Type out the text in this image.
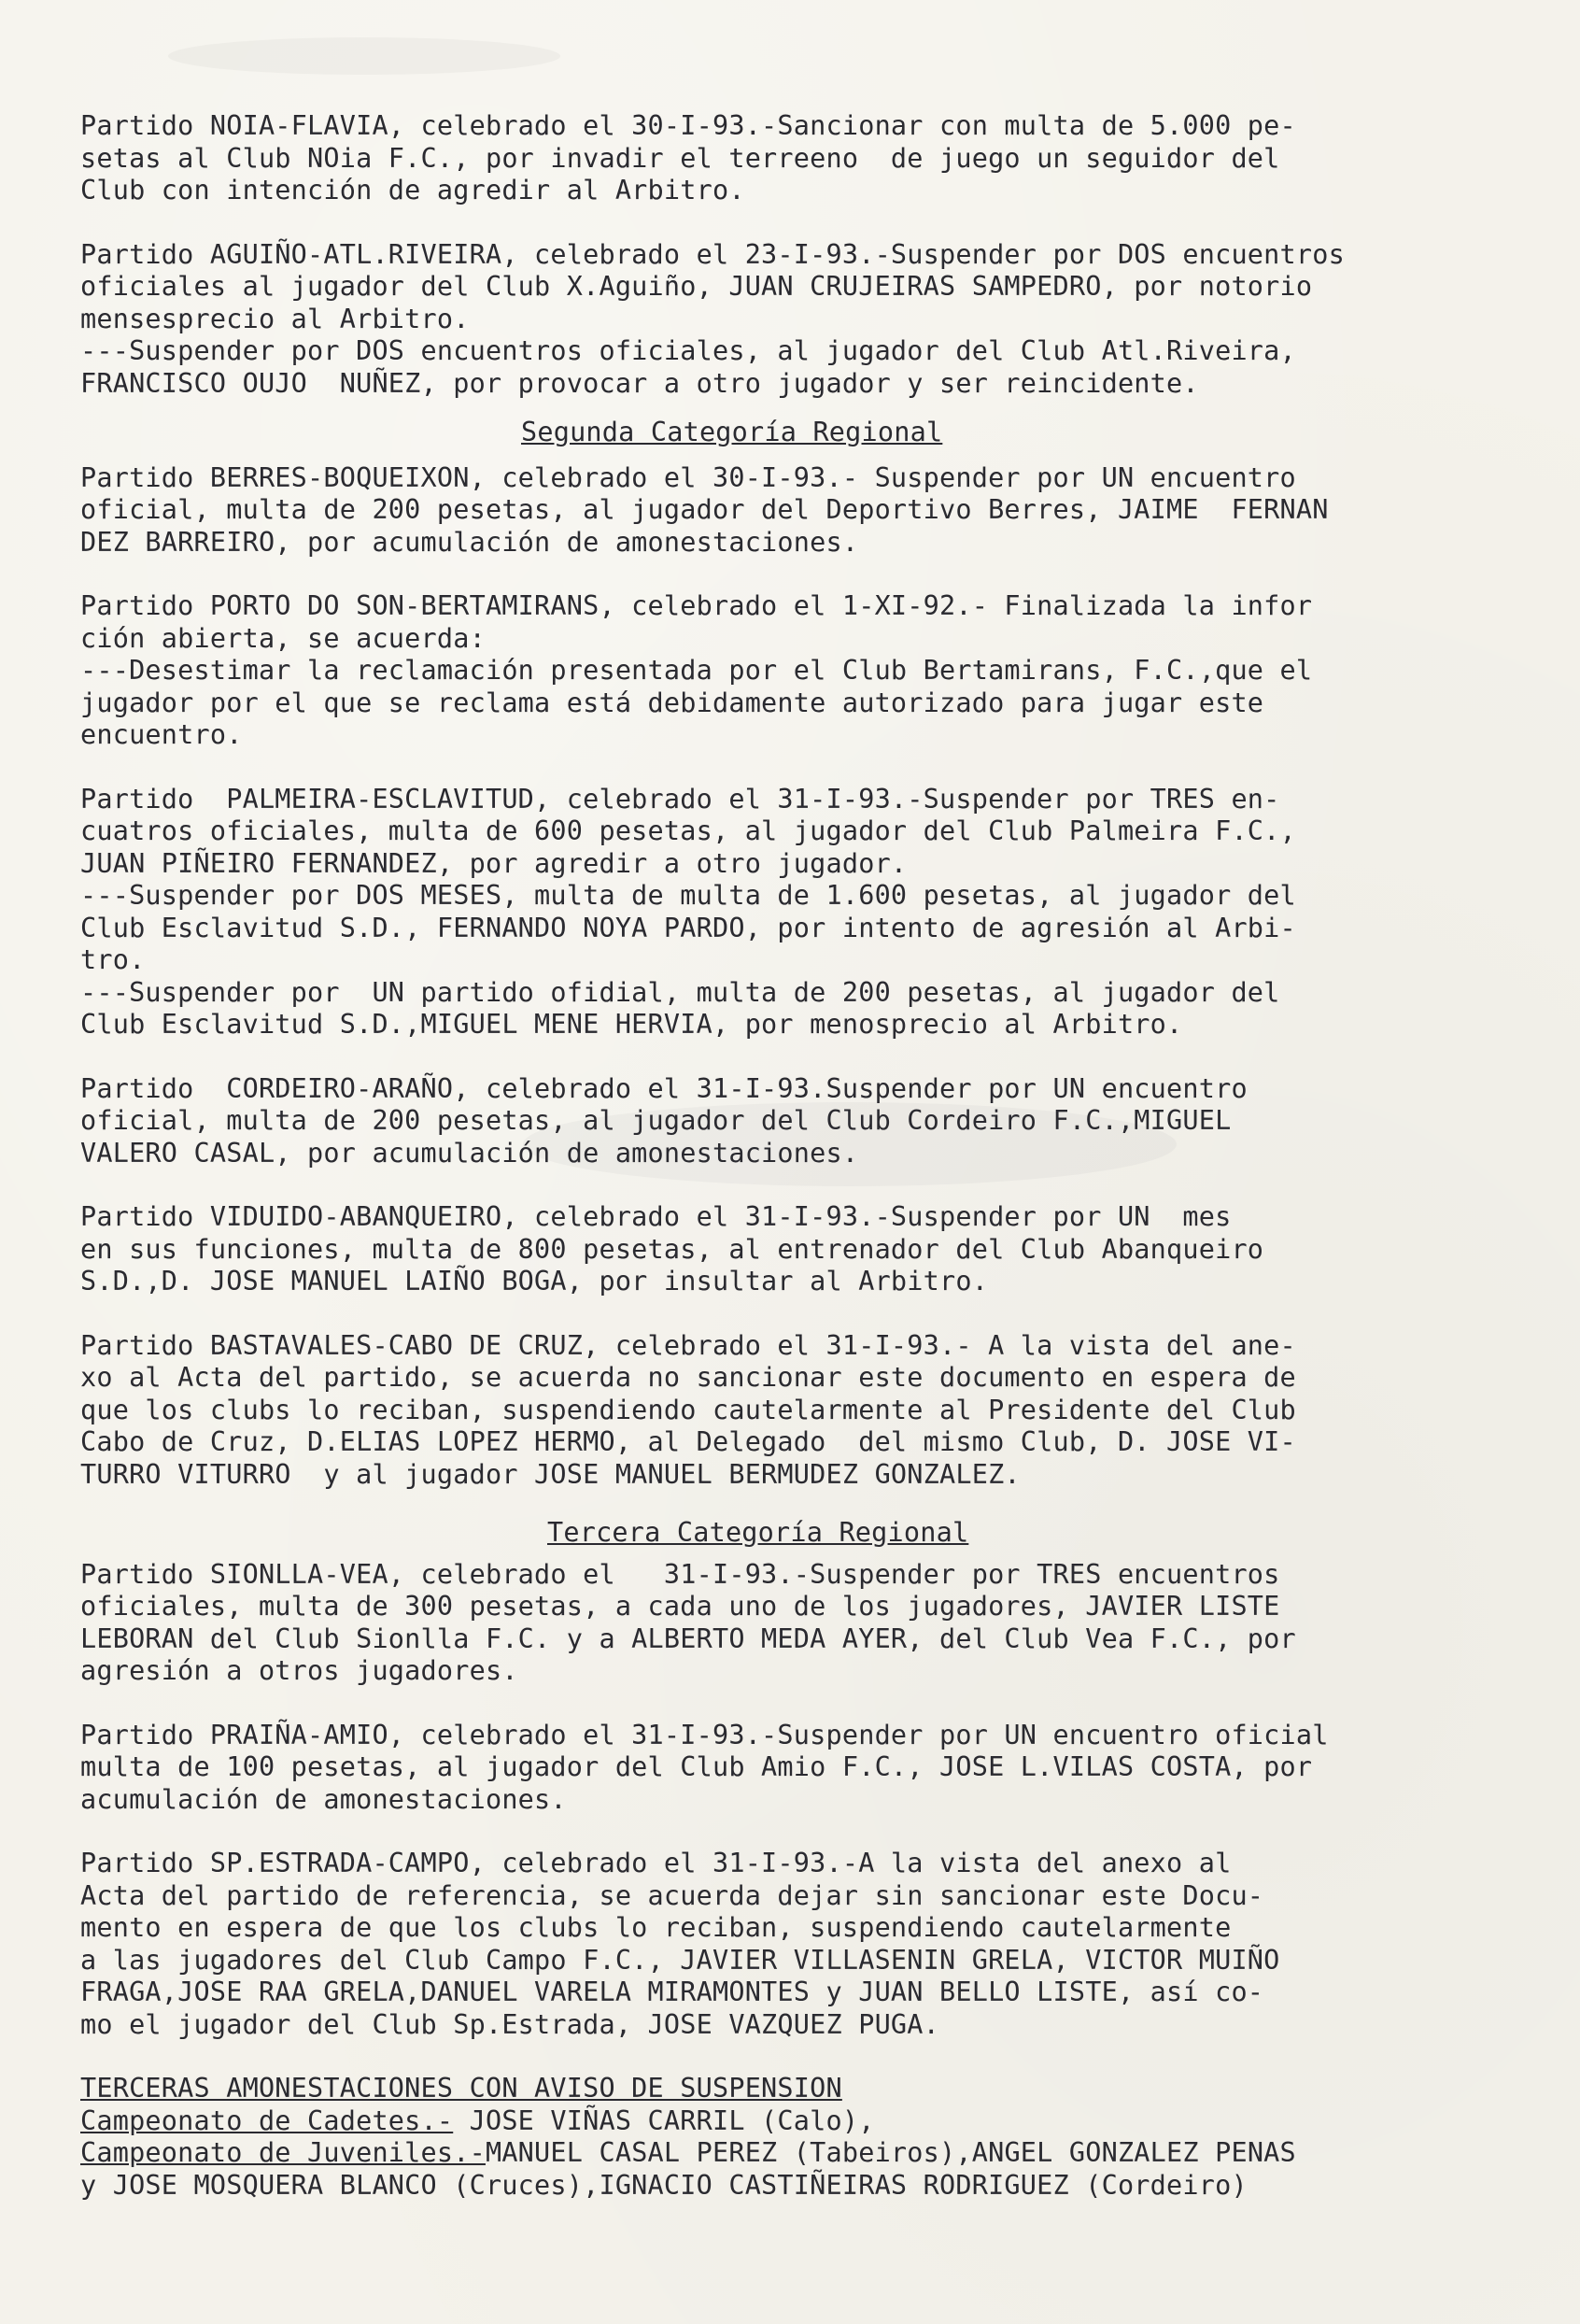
Partido NOIA-FLAVIA, celebrado el 30-I-93.-Sancionar con multa de 5.000 pe-
setas al Club NOia F.C., por invadir el terreeno  de juego un seguidor del
Club con intención de agredir al Arbitro.
Partido AGUIÑO-ATL.RIVEIRA, celebrado el 23-I-93.-Suspender por DOS encuentros
oficiales al jugador del Club X.Aguiño, JUAN CRUJEIRAS SAMPEDRO, por notorio
mensesprecio al Arbitro.
---Suspender por DOS encuentros oficiales, al jugador del Club Atl.Riveira,
FRANCISCO OUJO  NUÑEZ, por provocar a otro jugador y ser reincidente.
Segunda Categoría Regional
Partido BERRES-BOQUEIXON, celebrado el 30-I-93.- Suspender por UN encuentro
oficial, multa de 200 pesetas, al jugador del Deportivo Berres, JAIME  FERNAN
DEZ BARREIRO, por acumulación de amonestaciones.
Partido PORTO DO SON-BERTAMIRANS, celebrado el 1-XI-92.- Finalizada la infor
ción abierta, se acuerda:
---Desestimar la reclamación presentada por el Club Bertamirans, F.C.,que el
jugador por el que se reclama está debidamente autorizado para jugar este
encuentro.
Partido  PALMEIRA-ESCLAVITUD, celebrado el 31-I-93.-Suspender por TRES en-
cuatros oficiales, multa de 600 pesetas, al jugador del Club Palmeira F.C.,
JUAN PIÑEIRO FERNANDEZ, por agredir a otro jugador.
---Suspender por DOS MESES, multa de multa de 1.600 pesetas, al jugador del
Club Esclavitud S.D., FERNANDO NOYA PARDO, por intento de agresión al Arbi-
tro.
---Suspender por  UN partido ofidial, multa de 200 pesetas, al jugador del
Club Esclavitud S.D.,MIGUEL MENE HERVIA, por menosprecio al Arbitro.
Partido  CORDEIRO-ARAÑO, celebrado el 31-I-93.Suspender por UN encuentro
oficial, multa de 200 pesetas, al jugador del Club Cordeiro F.C.,MIGUEL
VALERO CASAL, por acumulación de amonestaciones.
Partido VIDUIDO-ABANQUEIRO, celebrado el 31-I-93.-Suspender por UN  mes
en sus funciones, multa de 800 pesetas, al entrenador del Club Abanqueiro
S.D.,D. JOSE MANUEL LAIÑO BOGA, por insultar al Arbitro.
Partido BASTAVALES-CABO DE CRUZ, celebrado el 31-I-93.- A la vista del ane-
xo al Acta del partido, se acuerda no sancionar este documento en espera de
que los clubs lo reciban, suspendiendo cautelarmente al Presidente del Club
Cabo de Cruz, D.ELIAS LOPEZ HERMO, al Delegado  del mismo Club, D. JOSE VI-
TURRO VITURRO  y al jugador JOSE MANUEL BERMUDEZ GONZALEZ.
Tercera Categoría Regional
Partido SIONLLA-VEA, celebrado el   31-I-93.-Suspender por TRES encuentros
oficiales, multa de 300 pesetas, a cada uno de los jugadores, JAVIER LISTE
LEBORAN del Club Sionlla F.C. y a ALBERTO MEDA AYER, del Club Vea F.C., por
agresión a otros jugadores.
Partido PRAIÑA-AMIO, celebrado el 31-I-93.-Suspender por UN encuentro oficial
multa de 100 pesetas, al jugador del Club Amio F.C., JOSE L.VILAS COSTA, por
acumulación de amonestaciones.
Partido SP.ESTRADA-CAMPO, celebrado el 31-I-93.-A la vista del anexo al
Acta del partido de referencia, se acuerda dejar sin sancionar este Docu-
mento en espera de que los clubs lo reciban, suspendiendo cautelarmente
a las jugadores del Club Campo F.C., JAVIER VILLASENIN GRELA, VICTOR MUIÑO
FRAGA,JOSE RAA GRELA,DANUEL VARELA MIRAMONTES y JUAN BELLO LISTE, así co-
mo el jugador del Club Sp.Estrada, JOSE VAZQUEZ PUGA.
TERCERAS AMONESTACIONES CON AVISO DE SUSPENSION
Campeonato de Cadetes.- JOSE VIÑAS CARRIL (Calo),
Campeonato de Juveniles.-MANUEL CASAL PEREZ (Tabeiros),ANGEL GONZALEZ PENAS
y JOSE MOSQUERA BLANCO (Cruces),IGNACIO CASTIÑEIRAS RODRIGUEZ (Cordeiro)
